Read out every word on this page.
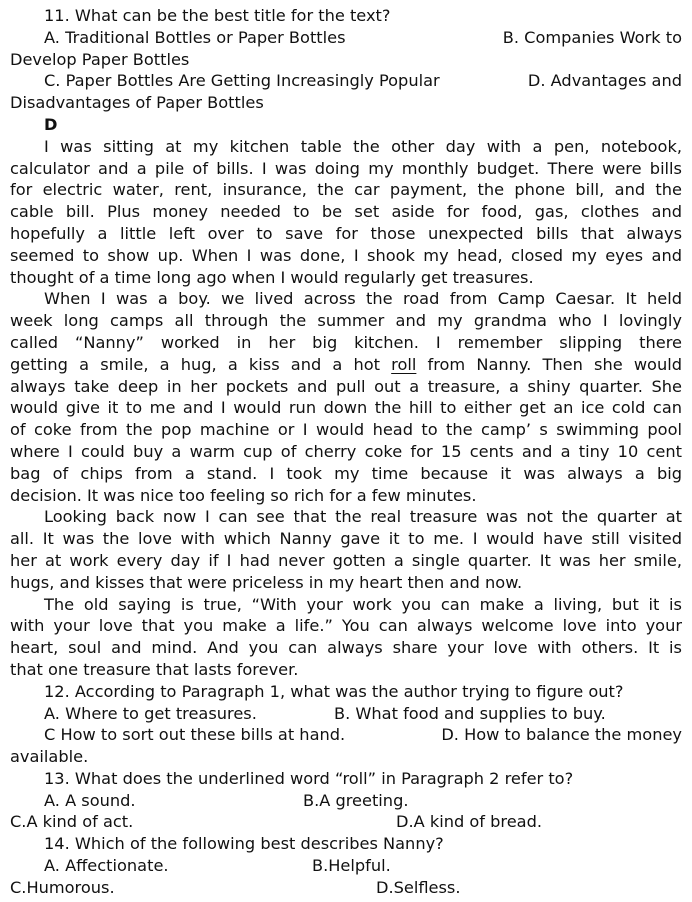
11. What can be the best title for the text?
A. Traditional Bottles or Paper Bottles	B. Companies Work to
Develop Paper Bottles
C. Paper Bottles Are Getting Increasingly Popular	D. Advantages and
Disadvantages of Paper Bottles
D
I was sitting at my kitchen table the other day with a pen, notebook,
calculator and a pile of bills. I was doing my monthly budget. There were bills
for electric water, rent, insurance, the car payment, the phone bill, and the
cable bill. Plus money needed to be set aside for food, gas, clothes and
hopefully a little left over to save for those unexpected bills that always
seemed to show up. When I was done, I shook my head, closed my eyes and
thought of a time long ago when I would regularly get treasures.
When I was a boy. we lived across the road from Camp Caesar. It held
week long camps all through the summer and my grandma who I lovingly
called “Nanny” worked in her big kitchen. I remember slipping there
getting a smile, a hug, a kiss and a hot roll from Nanny. Then she would
always take deep in her pockets and pull out a treasure, a shiny quarter. She
would give it to me and I would run down the hill to either get an ice cold can
of coke from the pop machine or I would head to the camp’ s swimming pool
where I could buy a warm cup of cherry coke for 15 cents and a tiny 10 cent
bag of chips from a stand. I took my time because it was always a big
decision. It was nice too feeling so rich for a few minutes.
Looking back now I can see that the real treasure was not the quarter at
all. It was the love with which Nanny gave it to me. I would have still visited
her at work every day if I had never gotten a single quarter. It was her smile,
hugs, and kisses that were priceless in my heart then and now.
The old saying is true, “With your work you can make a living, but it is
with your love that you make a life.” You can always welcome love into your
heart, soul and mind. And you can always share your love with others. It is
that one treasure that lasts forever.
12. According to Paragraph 1, what was the author trying to figure out?
A. Where to get treasures.	B. What food and supplies to buy.
C How to sort out these bills at hand.	D. How to balance the money
available.
13. What does the underlined word “roll” in Paragraph 2 refer to?
A. A sound.	B.A greeting.
C.A kind of act.	D.A kind of bread.
14. Which of the following best describes Nanny?
A. Affectionate.	B.Helpful.
C.Humorous.	D.Selfless.
